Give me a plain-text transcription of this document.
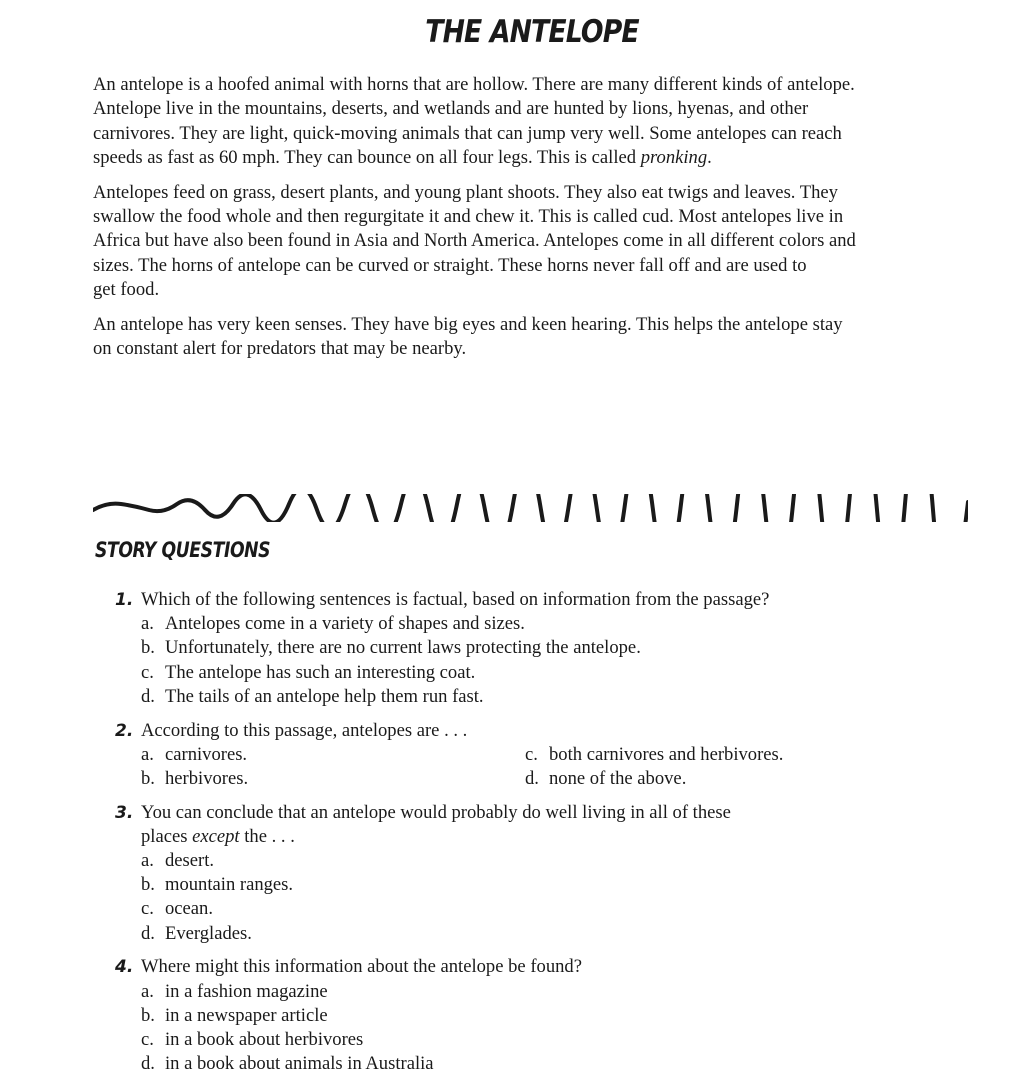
THE ANTELOPE

An antelope is a hoofed animal with horns that are hollow. There are many different kinds of antelope.
Antelope live in the mountains, deserts, and wetlands and are hunted by lions, hyenas, and other
carnivores. They are light, quick-moving animals that can jump very well. Some antelopes can reach
speeds as fast as 60 mph. They can bounce on all four legs. This is called pronking.

Antelopes feed on grass, desert plants, and young plant shoots. They also eat twigs and leaves. They
swallow the food whole and then regurgitate it and chew it. This is called cud. Most antelopes live in
Africa but have also been found in Asia and North America. Antelopes come in all different colors and
sizes. The horns of antelope can be curved or straight. These horns never fall off and are used to
get food.

An antelope has very keen senses. They have big eyes and keen hearing. This helps the antelope stay
on constant alert for predators that may be nearby.

STORY QUESTIONS
1. Which of the following sentences is factual, based on information from the passage?
a. Antelopes come in a variety of shapes and sizes.
b. Unfortunately, there are no current laws protecting the antelope.
c. The antelope has such an interesting coat.
d. The tails of an antelope help them run fast.
2. According to this passage, antelopes are . . .
a. carnivores.	c. both carnivores and herbivores.
b. herbivores.	d. none of the above.
3. You can conclude that an antelope would probably do well living in all of these
places except the . . .
a. desert.
b. mountain ranges.
c. ocean.
d. Everglades.
4. Where might this information about the antelope be found?
a. in a fashion magazine
b. in a newspaper article
c. in a book about herbivores
d. in a book about animals in Australia
